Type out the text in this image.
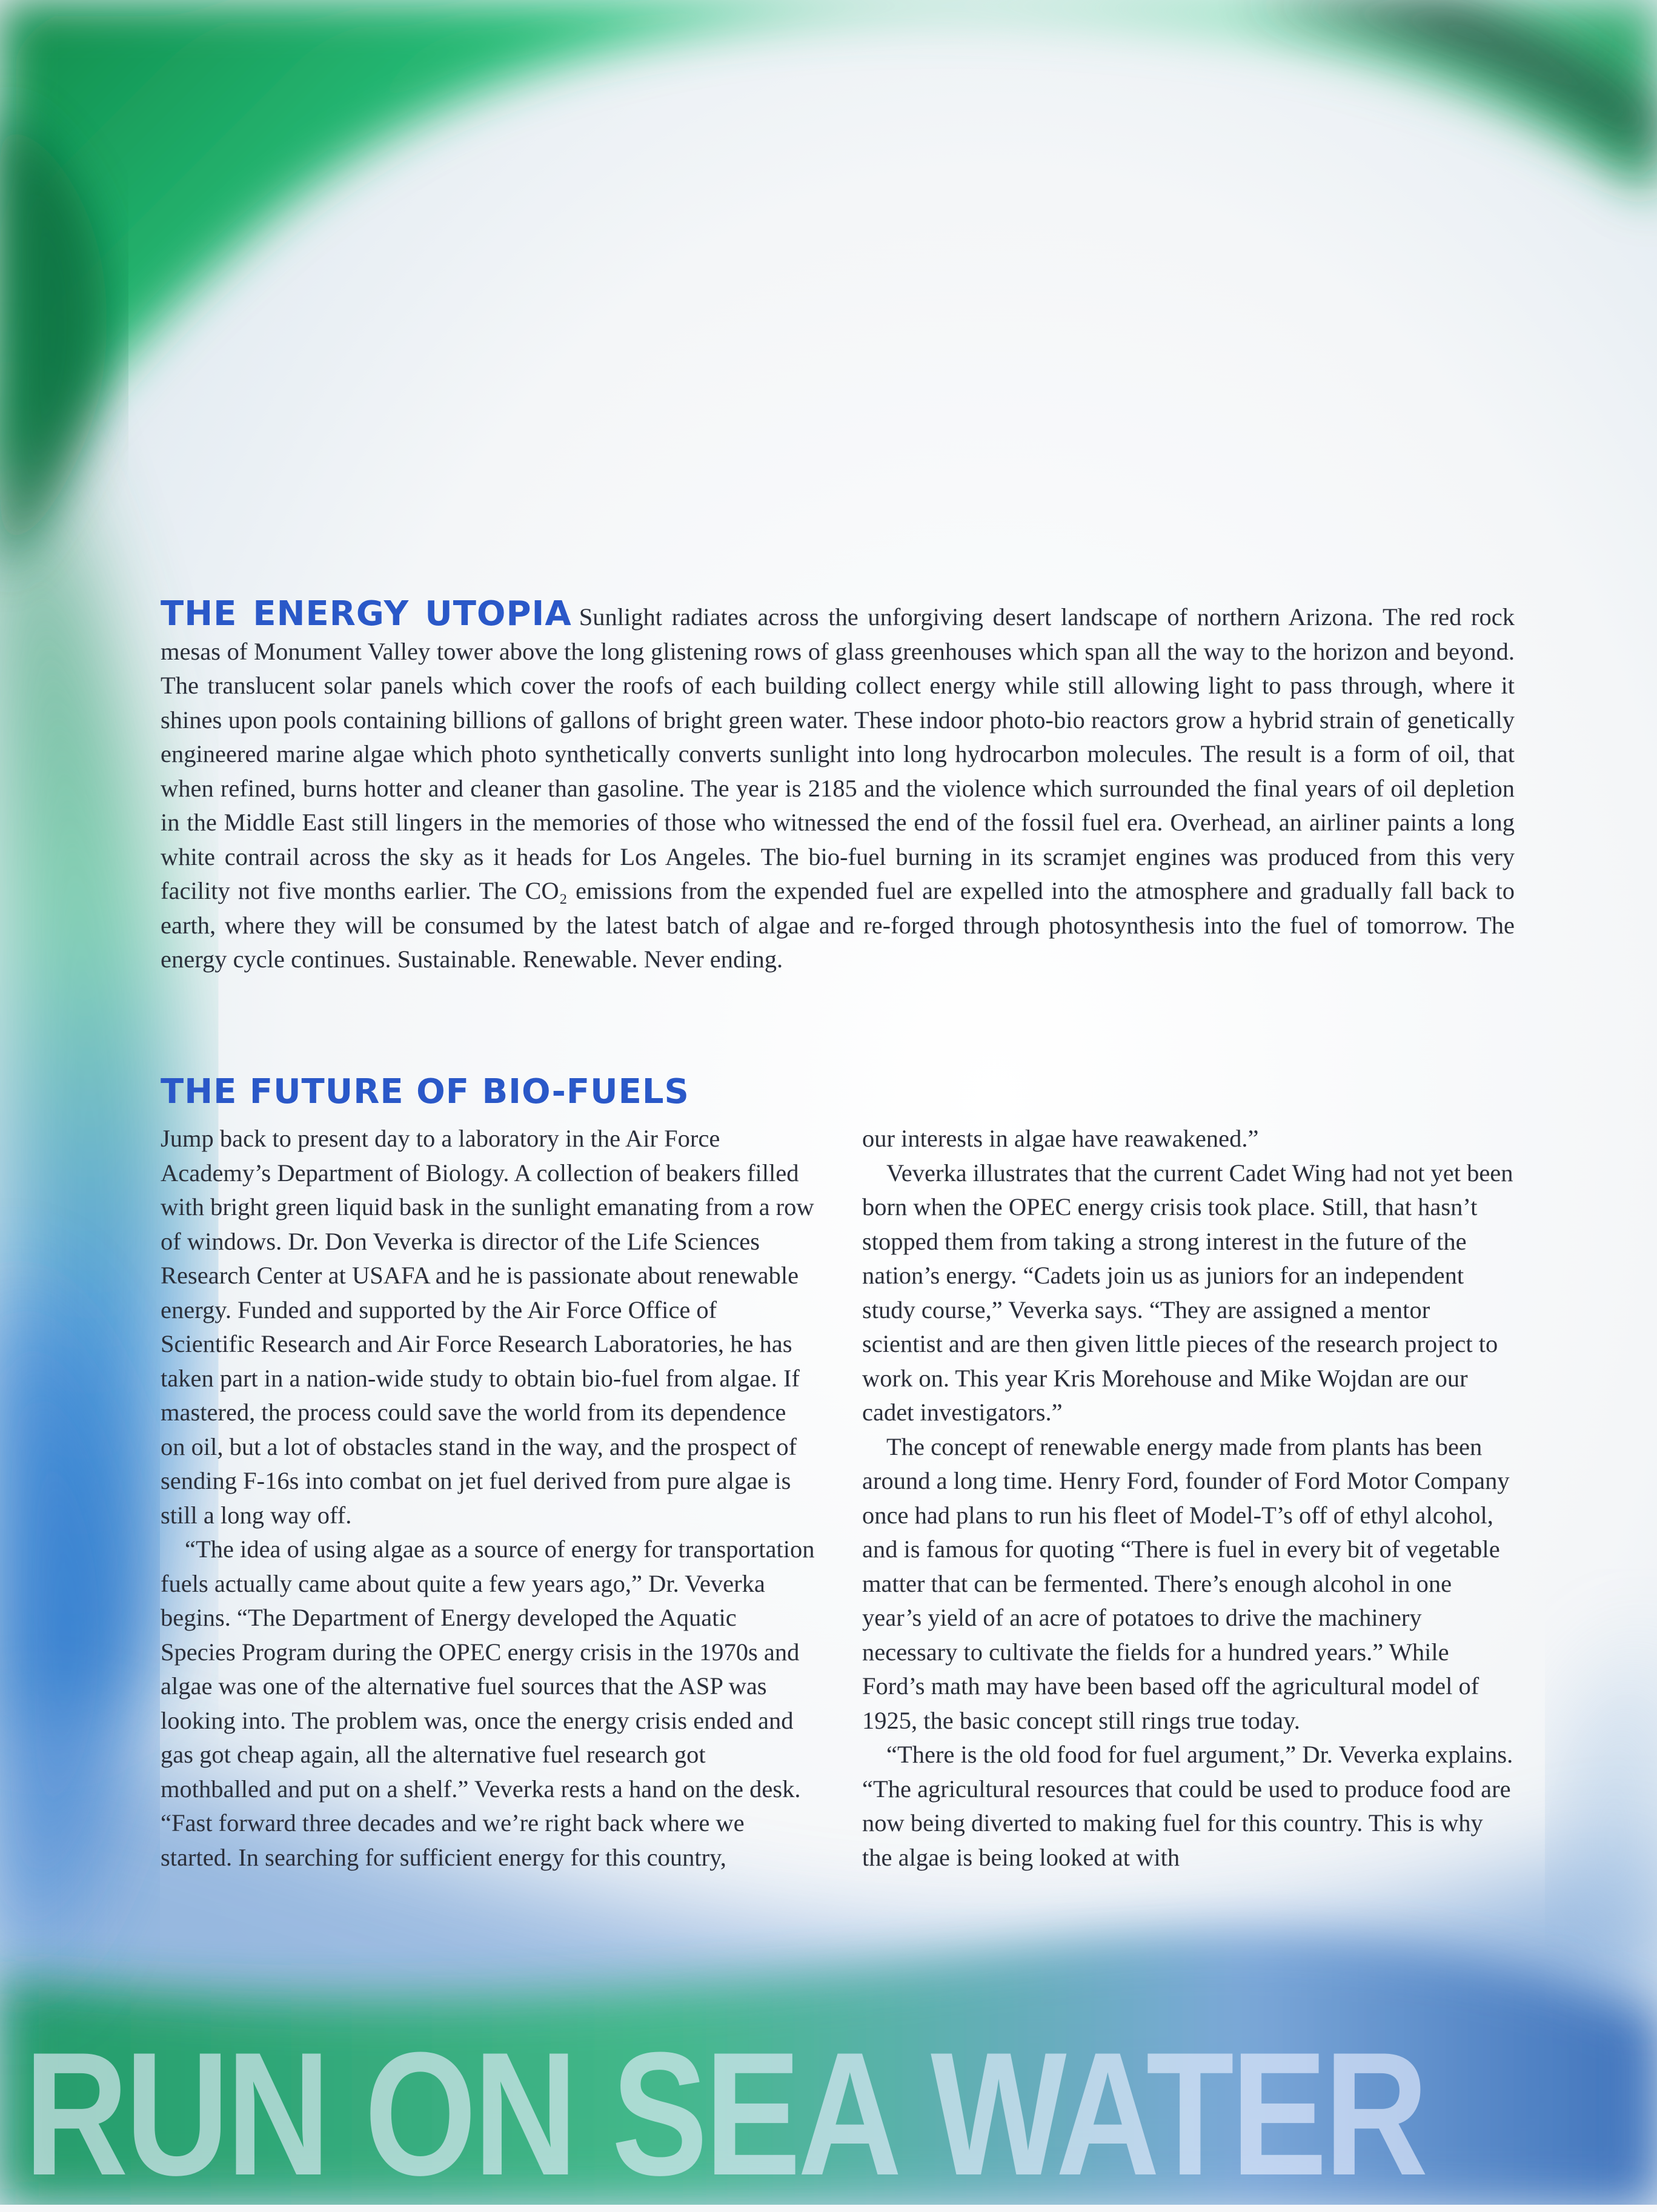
THE ENERGY UTOPIA Sunlight radiates across the unforgiving desert landscape of northern Arizona. The red rock mesas of Monument Valley tower above the long glistening rows of glass greenhouses which span all the way to the horizon and beyond. The translucent solar panels which cover the roofs of each building collect energy while still allowing light to pass through, where it shines upon pools containing billions of gallons of bright green water. These indoor photo-bio reactors grow a hybrid strain of genetically engineered marine algae which photo synthetically converts sunlight into long hydrocarbon molecules. The result is a form of oil, that when refined, burns hotter and cleaner than gasoline. The year is 2185 and the violence which surrounded the final years of oil depletion in the Middle East still lingers in the memories of those who witnessed the end of the fossil fuel era. Overhead, an airliner paints a long white contrail across the sky as it heads for Los Angeles. The bio-fuel burning in its scramjet engines was produced from this very facility not five months earlier. The CO₂ emissions from the expended fuel are expelled into the atmosphere and gradually fall back to earth, where they will be consumed by the latest batch of algae and re-forged through photosynthesis into the fuel of tomorrow. The energy cycle continues. Sustainable. Renewable. Never ending.
THE FUTURE OF BIO-FUELS

Jump back to present day to a laboratory in the Air Force Academy’s Department of Biology. A collection of beakers filled with bright green liquid bask in the sunlight emanating from a row of windows. Dr. Don Veverka is director of the Life Sciences Research Center at USAFA and he is passionate about renewable energy. Funded and supported by the Air Force Office of Scientific Research and Air Force Research Laboratories, he has taken part in a nation-wide study to obtain bio-fuel from algae. If mastered, the process could save the world from its dependence on oil, but a lot of obstacles stand in the way, and the prospect of sending F-16s into combat on jet fuel derived from pure algae is still a long way off.

“The idea of using algae as a source of energy for transportation fuels actually came about quite a few years ago,” Dr. Veverka begins. “The Department of Energy developed the Aquatic Species Program during the OPEC energy crisis in the 1970s and algae was one of the alternative fuel sources that the ASP was looking into. The problem was, once the energy crisis ended and gas got cheap again, all the alternative fuel research got mothballed and put on a shelf.” Veverka rests a hand on the desk. “Fast forward three decades and we’re right back where we started. In searching for sufficient energy for this country,

our interests in algae have reawakened.”

Veverka illustrates that the current Cadet Wing had not yet been born when the OPEC energy crisis took place. Still, that hasn’t stopped them from taking a strong interest in the future of the nation’s energy. “Cadets join us as juniors for an independent study course,” Veverka says. “They are assigned a mentor scientist and are then given little pieces of the research project to work on. This year Kris Morehouse and Mike Wojdan are our cadet investigators.”

The concept of renewable energy made from plants has been around a long time. Henry Ford, founder of Ford Motor Company once had plans to run his fleet of Model-T’s off of ethyl alcohol, and is famous for quoting “There is fuel in every bit of vegetable matter that can be fermented. There’s enough alcohol in one year’s yield of an acre of potatoes to drive the machinery necessary to cultivate the fields for a hundred years.” While Ford’s math may have been based off the agricultural model of 1925, the basic concept still rings true today.

“There is the old food for fuel argument,” Dr. Veverka explains. “The agricultural resources that could be used to produce food are now being diverted to making fuel for this country. This is why the algae is being looked at with

RUN ON SEA WATER
